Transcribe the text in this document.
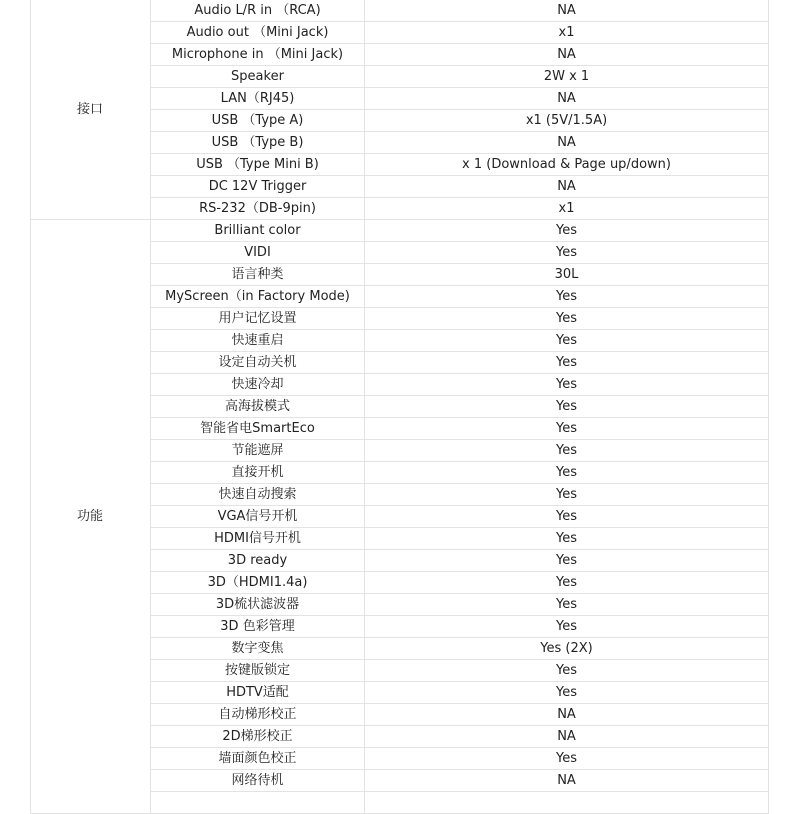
接口	Audio L/R in （RCA)	NA
	Audio out （Mini Jack)	x1
	Microphone in （Mini Jack)	NA
	Speaker	2W x 1
	LAN（RJ45)	NA
	USB （Type A)	x1 (5V/1.5A)
	USB （Type B)	NA
	USB （Type Mini B)	x 1 (Download & Page up/down)
	DC 12V Trigger	NA
	RS-232（DB-9pin)	x1
功能	Brilliant color	Yes
	VIDI	Yes
	语言种类	30L
	MyScreen（in Factory Mode)	Yes
	用户记忆设置	Yes
	快速重启	Yes
	设定自动关机	Yes
	快速冷却	Yes
	高海拔模式	Yes
	智能省电SmartEco	Yes
	节能遮屏	Yes
	直接开机	Yes
	快速自动搜索	Yes
	VGA信号开机	Yes
	HDMI信号开机	Yes
	3D ready	Yes
	3D（HDMI1.4a)	Yes
	3D梳状滤波器	Yes
	3D 色彩管理	Yes
	数字变焦	Yes (2X)
	按键版锁定	Yes
	HDTV适配	Yes
	自动梯形校正	NA
	2D梯形校正	NA
	墙面颜色校正	Yes
	网络待机	NA
